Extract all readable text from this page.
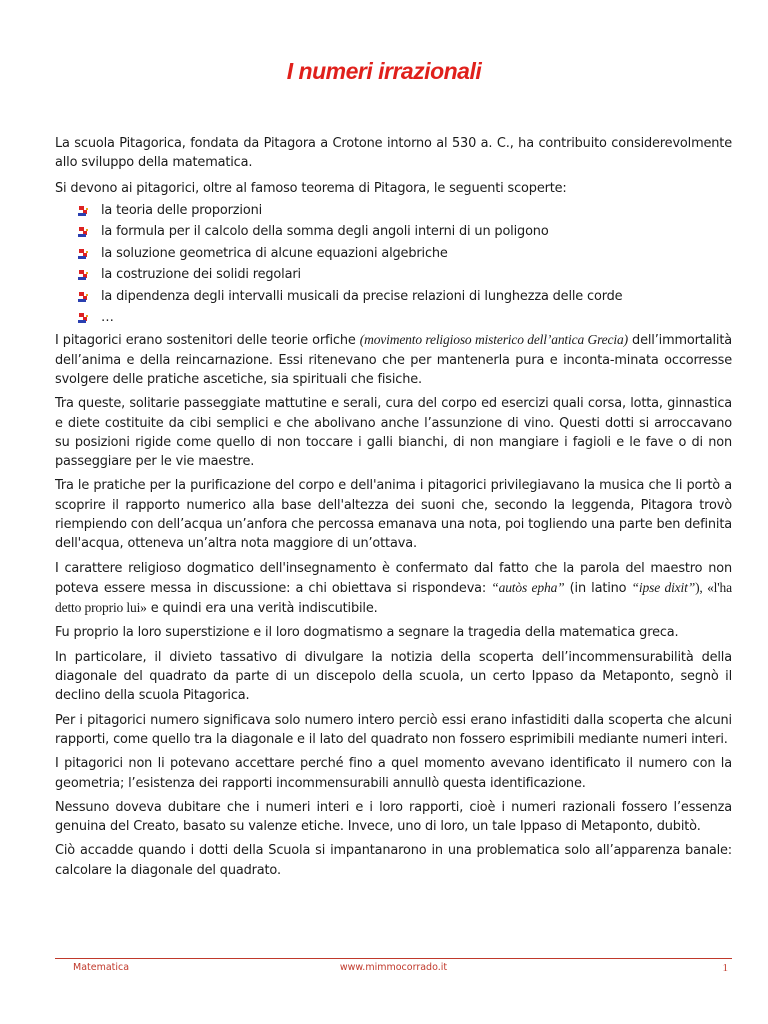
I numeri irrazionali

La scuola Pitagorica, fondata da Pitagora a Crotone intorno al 530 a. C., ha contribuito considerevolmente allo sviluppo della matematica.

Si devono ai pitagorici, oltre al famoso teorema di Pitagora, le seguenti scoperte:

la teoria delle proporzioni
la formula per il calcolo della somma degli angoli interni di un poligono
la soluzione geometrica di alcune equazioni algebriche
la costruzione dei solidi regolari
la dipendenza degli intervalli musicali da precise relazioni di lunghezza delle corde
…

I pitagorici erano sostenitori delle teorie orfiche (movimento religioso misterico dell’antica Grecia) dell’immortalità dell’anima e della reincarnazione. Essi ritenevano che per mantenerla pura e inconta-minata occorresse svolgere delle pratiche ascetiche, sia spirituali che fisiche.

Tra queste, solitarie passeggiate mattutine e serali, cura del corpo ed esercizi quali corsa, lotta, ginnastica e diete costituite da cibi semplici e che abolivano anche l’assunzione di vino. Questi dotti si arroccavano su posizioni rigide come quello di non toccare i galli bianchi, di non mangiare i fagioli e le fave o di non passeggiare per le vie maestre.

Tra le pratiche per la purificazione del corpo e dell'anima i pitagorici privilegiavano la musica che li portò a scoprire il rapporto numerico alla base dell'altezza dei suoni che, secondo la leggenda, Pitagora trovò riempiendo con dell’acqua un’anfora che percossa emanava una nota, poi togliendo una parte ben definita dell'acqua, otteneva un’altra nota maggiore di un’ottava.

I carattere religioso dogmatico dell'insegnamento è confermato dal fatto che la parola del maestro non poteva essere messa in discussione: a chi obiettava si rispondeva: “autòs epha” (in latino “ipse dixit”), «l'ha detto proprio lui» e quindi era una verità indiscutibile.

Fu proprio la loro superstizione e il loro dogmatismo a segnare la tragedia della matematica greca.

In particolare, il divieto tassativo di divulgare la notizia della scoperta dell’incommensurabilità della diagonale del quadrato da parte di un discepolo della scuola, un certo Ippaso da Metaponto, segnò il declino della scuola Pitagorica.

Per i pitagorici numero significava solo numero intero perciò essi erano infastiditi dalla scoperta che alcuni rapporti, come quello tra la diagonale e il lato del quadrato non fossero esprimibili mediante numeri interi.

I pitagorici non li potevano accettare perché fino a quel momento avevano identificato il numero con la geometria; l’esistenza dei rapporti incommensurabili annullò questa identificazione.

Nessuno doveva dubitare che i numeri interi e i loro rapporti, cioè i numeri razionali fossero l’essenza genuina del Creato, basato su valenze etiche. Invece, uno di loro, un tale Ippaso di Metaponto, dubitò.

Ciò accadde quando i dotti della Scuola si impantanarono in una problematica solo all’apparenza banale: calcolare la diagonale del quadrato.

Matematica	www.mimmocorrado.it	1
